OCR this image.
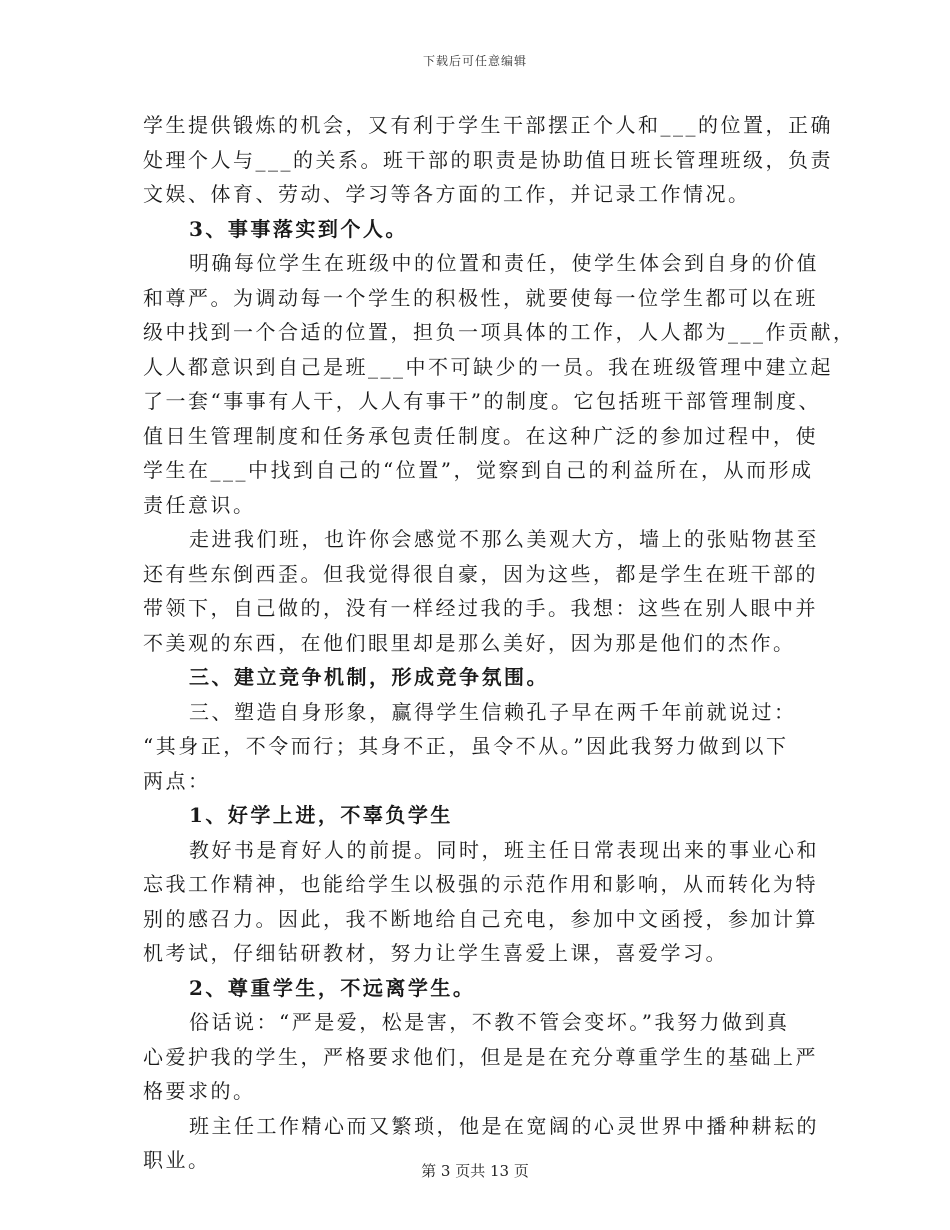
下载后可任意编辑
学生提供锻炼的机会，又有利于学生干部摆正个人和___的位置，正确
处理个人与___的关系。班干部的职责是协助值日班长管理班级，负责
文娱、体育、劳动、学习等各方面的工作，并记录工作情况。
3、事事落实到个人。
明确每位学生在班级中的位置和责任，使学生体会到自身的价值
和尊严。为调动每一个学生的积极性，就要使每一位学生都可以在班
级中找到一个合适的位置，担负一项具体的工作，人人都为___作贡献，
人人都意识到自己是班___中不可缺少的一员。我在班级管理中建立起
了一套“事事有人干，人人有事干”的制度。它包括班干部管理制度、
值日生管理制度和任务承包责任制度。在这种广泛的参加过程中，使
学生在___中找到自己的“位置”，觉察到自己的利益所在，从而形成
责任意识。
走进我们班，也许你会感觉不那么美观大方，墙上的张贴物甚至
还有些东倒西歪。但我觉得很自豪，因为这些，都是学生在班干部的
带领下，自己做的，没有一样经过我的手。我想：这些在别人眼中并
不美观的东西，在他们眼里却是那么美好，因为那是他们的杰作。
三、建立竞争机制，形成竞争氛围。
三、塑造自身形象，赢得学生信赖孔子早在两千年前就说过：
“其身正，不令而行；其身不正，虽令不从。”因此我努力做到以下
两点：
1、好学上进，不辜负学生
教好书是育好人的前提。同时，班主任日常表现出来的事业心和
忘我工作精神，也能给学生以极强的示范作用和影响，从而转化为特
别的感召力。因此，我不断地给自己充电，参加中文函授，参加计算
机考试，仔细钻研教材，努力让学生喜爱上课，喜爱学习。
2、尊重学生，不远离学生。
俗话说：“严是爱，松是害，不教不管会变坏。”我努力做到真
心爱护我的学生，严格要求他们，但是是在充分尊重学生的基础上严
格要求的。
班主任工作精心而又繁琐，他是在宽阔的心灵世界中播种耕耘的
职业。	第 3 页共 13 页
